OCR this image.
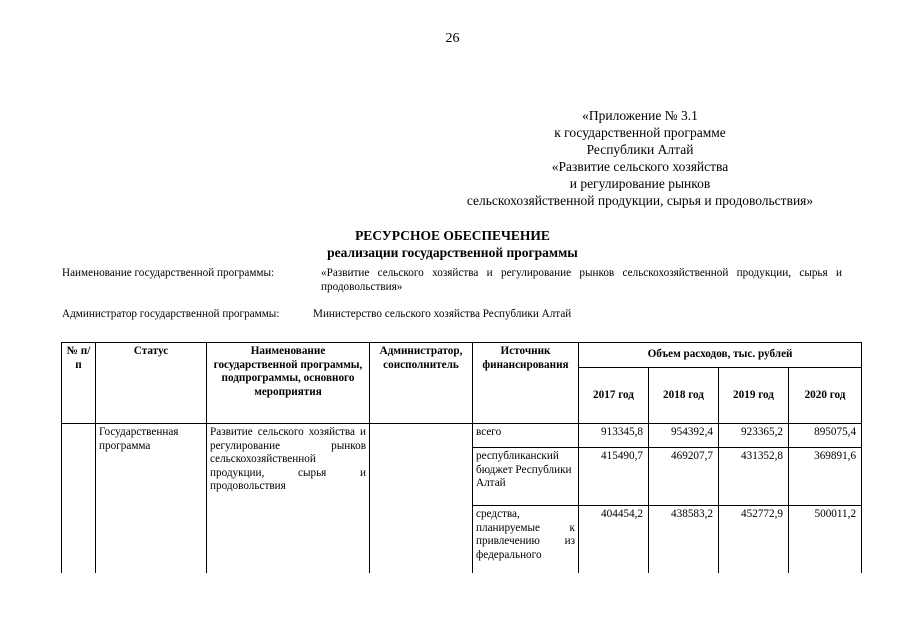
26
«Приложение № 3.1
к государственной программе
Республики Алтай
«Развитие сельского хозяйства
и регулирование рынков
сельскохозяйственной продукции, сырья и продовольствия»
РЕСУРСНОЕ ОБЕСПЕЧЕНИЕ
реализации государственной программы
Наименование государственной программы:	«Развитие сельского хозяйства и регулирование рынков сельскохозяйственной продукции, сырья и продовольствия»
Администратор государственной программы:	Министерство сельского хозяйства Республики Алтай
№ п/п	Статус	Наименование государственной программы, подпрограммы, основного мероприятия	Администратор, соисполнитель	Источник финансирования	Объем расходов, тыс. рублей			
					2017 год	2018 год	2019 год	2020 год
	Государственная программа	Развитие сельского хозяйства и регулирование рынков сельскохозяйственной продукции, сырья и продовольствия		всего	913345,8	954392,4	923365,2	895075,4
				республиканский бюджет Республики Алтай	415490,7	469207,7	431352,8	369891,6
				средства, планируемые к привлечению из федерального	404454,2	438583,2	452772,9	500011,2
